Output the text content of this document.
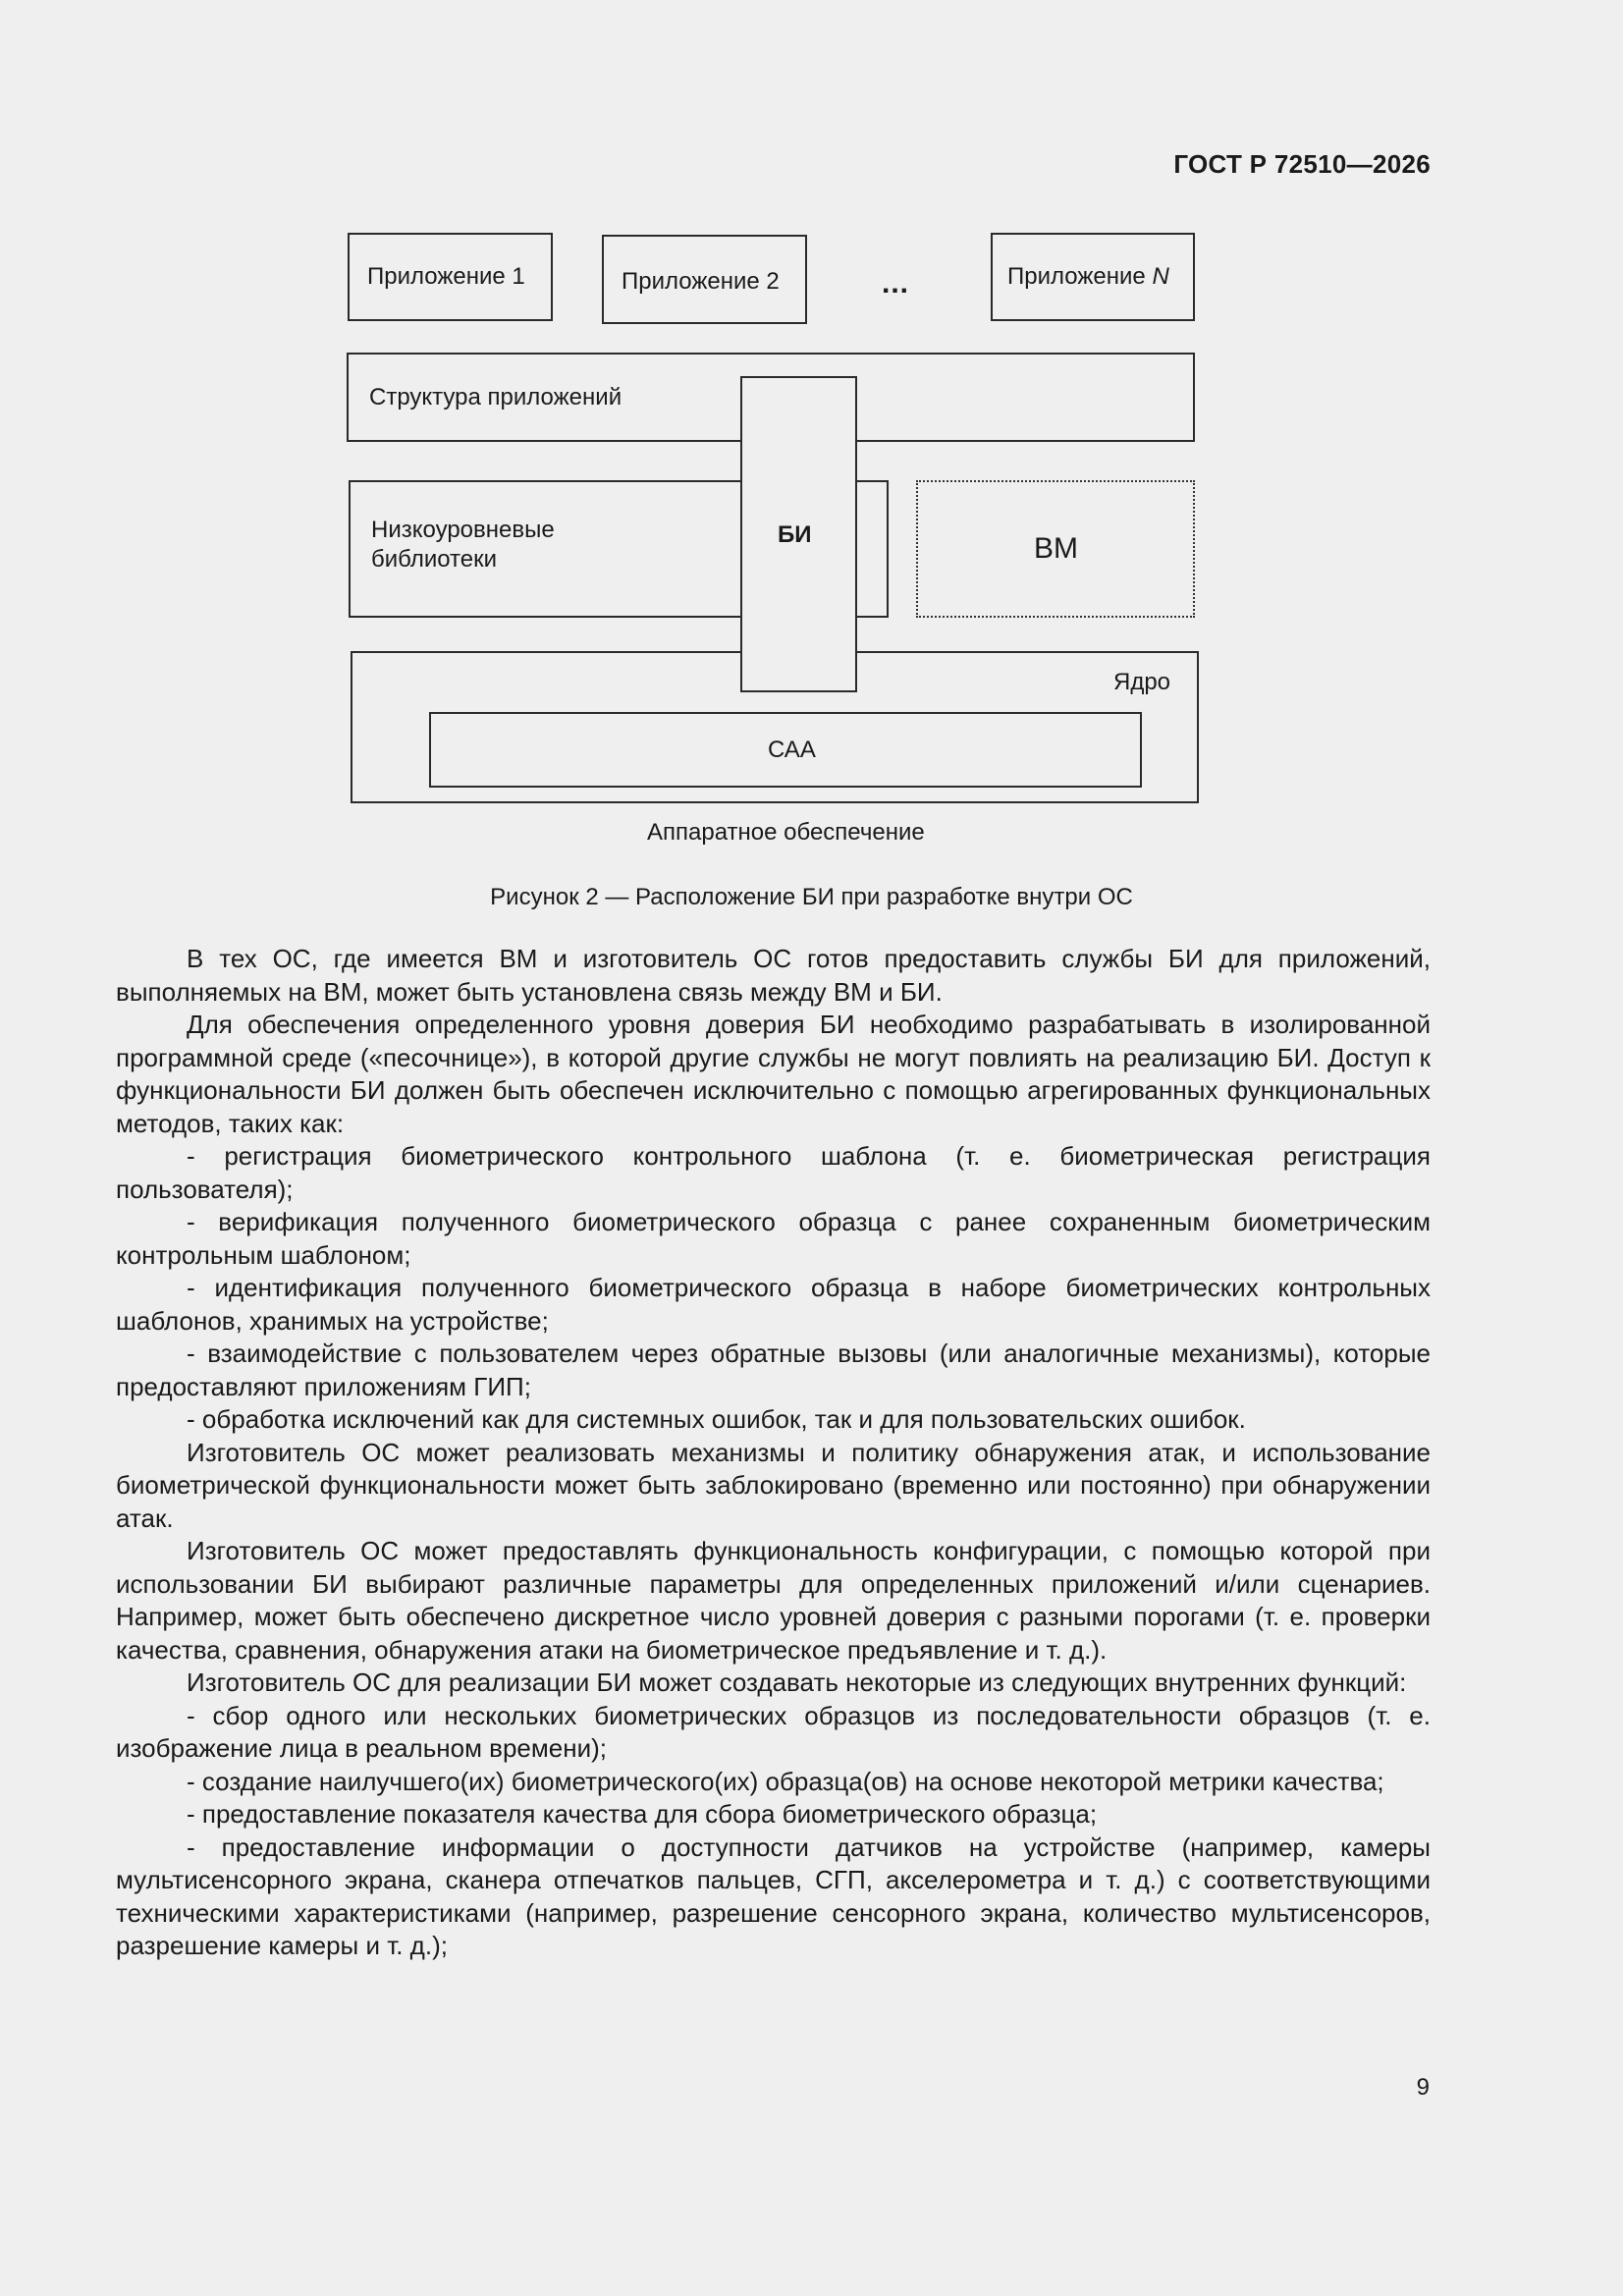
ГОСТ Р 72510—2026
Приложение 1	Приложение 2	...	Приложение N
Структура приложений
Низкоуровневые
библиотеки	ВМ
Ядро
САА
БИ
Аппаратное обеспечение
Рисунок 2 — Расположение БИ при разработке внутри ОС

В тех ОС, где имеется ВМ и изготовитель ОС готов предоставить службы БИ для приложений, выполняемых на ВМ, может быть установлена связь между ВМ и БИ.

Для обеспечения определенного уровня доверия БИ необходимо разрабатывать в изолированной программной среде («песочнице»), в которой другие службы не могут повлиять на реализацию БИ. Доступ к функциональности БИ должен быть обеспечен исключительно с помощью агрегированных функциональных методов, таких как:

- регистрация биометрического контрольного шаблона (т. е. биометрическая регистрация пользователя);

- верификация полученного биометрического образца с ранее сохраненным биометрическим контрольным шаблоном;

- идентификация полученного биометрического образца в наборе биометрических контрольных шаблонов, хранимых на устройстве;

- взаимодействие с пользователем через обратные вызовы (или аналогичные механизмы), которые предоставляют приложениям ГИП;

- обработка исключений как для системных ошибок, так и для пользовательских ошибок.

Изготовитель ОС может реализовать механизмы и политику обнаружения атак, и использование биометрической функциональности может быть заблокировано (временно или постоянно) при обнаружении атак.

Изготовитель ОС может предоставлять функциональность конфигурации, с помощью которой при использовании БИ выбирают различные параметры для определенных приложений и/или сценариев. Например, может быть обеспечено дискретное число уровней доверия с разными порогами (т. е. проверки качества, сравнения, обнаружения атаки на биометрическое предъявление и т. д.).

Изготовитель ОС для реализации БИ может создавать некоторые из следующих внутренних функций:

- сбор одного или нескольких биометрических образцов из последовательности образцов (т. е. изображение лица в реальном времени);

- создание наилучшего(их) биометрического(их) образца(ов) на основе некоторой метрики качества;

- предоставление показателя качества для сбора биометрического образца;

- предоставление информации о доступности датчиков на устройстве (например, камеры мультисенсорного экрана, сканера отпечатков пальцев, СГП, акселерометра и т. д.) с соответствующими техническими характеристиками (например, разрешение сенсорного экрана, количество мультисенсоров, разрешение камеры и т. д.);

9
